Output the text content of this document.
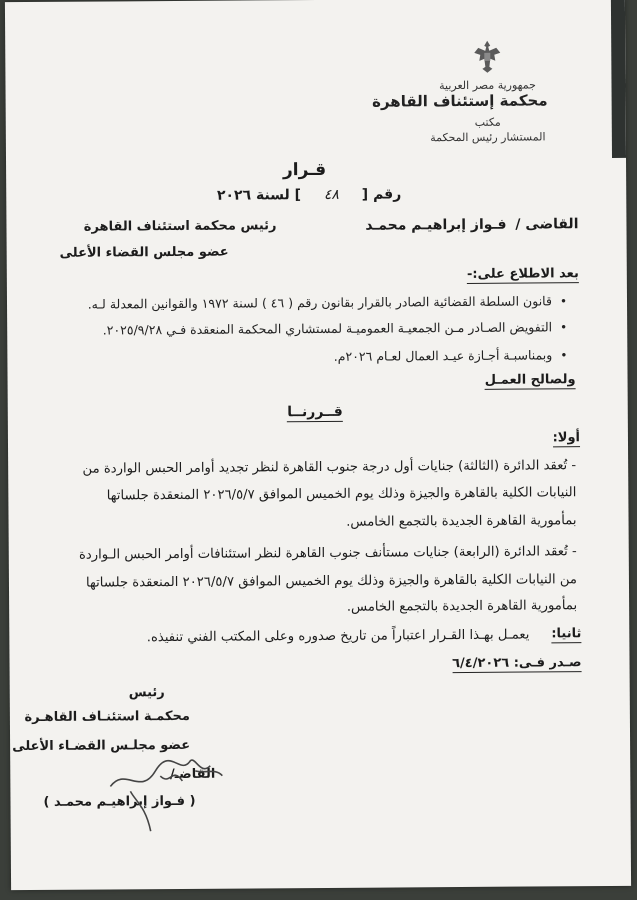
جمهورية مصر العربية
محكمة إستئناف القاهرة
مكتب
المستشار رئيس المحكمة
قـرار
رقم [ ٤٨ ] لسنة ٢٠٢٦
القاضى /
فـواز إبراهيـم محمـد
رئيس محكمة استئناف القاهرة
عضو مجلس القضاء الأعلى
بعد الاطلاع على:-
• قانون السلطة القضائية الصادر بالقرار بقانون رقم ( ٤٦ ) لسنة ١٩٧٢ والقوانين المعدلة لـه.
• التفويض الصـادر مـن الجمعيـة العموميـة لمستشاري المحكمة المنعقدة فـي ٢٠٢٥/٩/٢٨.
• وبمناسبـة أجـازة عيـد العمال لعـام ٢٠٢٦م.
ولصالح العمـل
قــررنــا
أولا:
- تُعقد الدائرة (الثالثة) جنايات أول درجة جنوب القاهرة لنظر تجديد أوامر الحبس الواردة من
النيابات الكلية بالقاهرة والجيزة وذلك يوم الخميس الموافق ٢٠٢٦/٥/٧ المنعقدة جلساتها
بمأمورية القاهرة الجديدة بالتجمع الخامس.
- تُعقد الدائرة (الرابعة) جنايات مستأنف جنوب القاهرة لنظر استئنافات أوامر الحبس الـواردة
من النيابات الكلية بالقاهرة والجيزة وذلك يوم الخميس الموافق ٢٠٢٦/٥/٧ المنعقدة جلساتها
بمأمورية القاهرة الجديدة بالتجمع الخامس.
ثانيا:
يعمـل بهـذا القـرار اعتباراً من تاريخ صدوره وعلى المكتب الفني تنفيذه.
صـدر فـى: ٦/٤/٢٠٢٦
رئيس
محكمـة استئنـاف القاهـرة
عضو مجلـس القضـاء الأعلى
القاضـ/
( فـواز إبراهيـم محمـد )
